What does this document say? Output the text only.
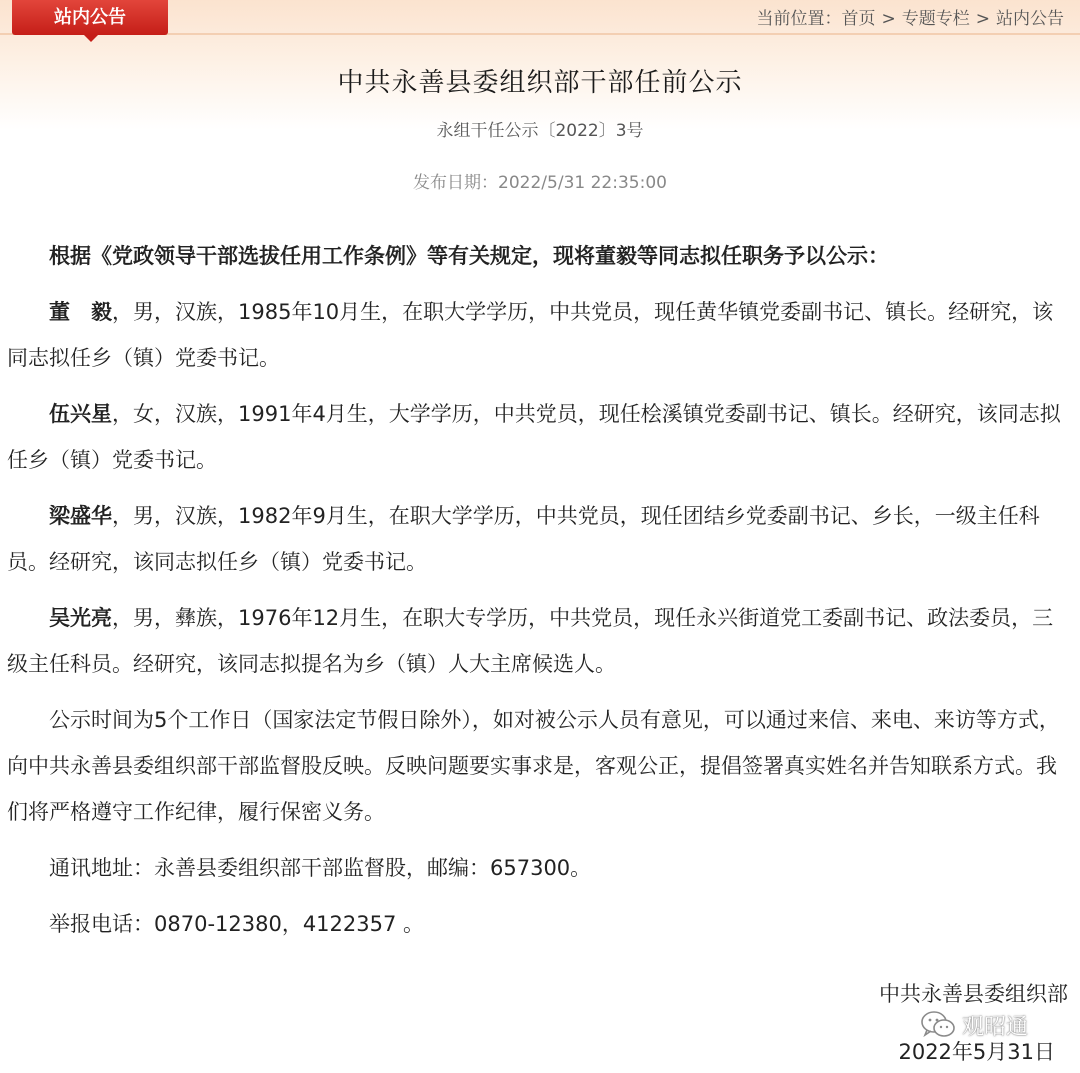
站内公告	当前位置：首页 > 专题专栏 > 站内公告
中共永善县委组织部干部任前公示
永组干任公示〔2022〕3号
发布日期：2022/5/31 22:35:00

根据《党政领导干部选拔任用工作条例》等有关规定，现将董毅等同志拟任职务予以公示：

董　毅，男，汉族，1985年10月生，在职大学学历，中共党员，现任黄华镇党委副书记、镇长。经研究，该同志拟任乡（镇）党委书记。

伍兴星，女，汉族，1991年4月生，大学学历，中共党员，现任桧溪镇党委副书记、镇长。经研究，该同志拟任乡（镇）党委书记。

梁盛华，男，汉族，1982年9月生，在职大学学历，中共党员，现任团结乡党委副书记、乡长，一级主任科员。经研究，该同志拟任乡（镇）党委书记。

吴光亮，男，彝族，1976年12月生，在职大专学历，中共党员，现任永兴街道党工委副书记、政法委员，三级主任科员。经研究，该同志拟提名为乡（镇）人大主席候选人。

公示时间为5个工作日（国家法定节假日除外），如对被公示人员有意见，可以通过来信、来电、来访等方式，向中共永善县委组织部干部监督股反映。反映问题要实事求是，客观公正，提倡签署真实姓名并告知联系方式。我们将严格遵守工作纪律，履行保密义务。

通讯地址：永善县委组织部干部监督股，邮编：657300。

举报电话：0870-12380，4122357 。

中共永善县委组织部
观昭通
2022年5月31日
